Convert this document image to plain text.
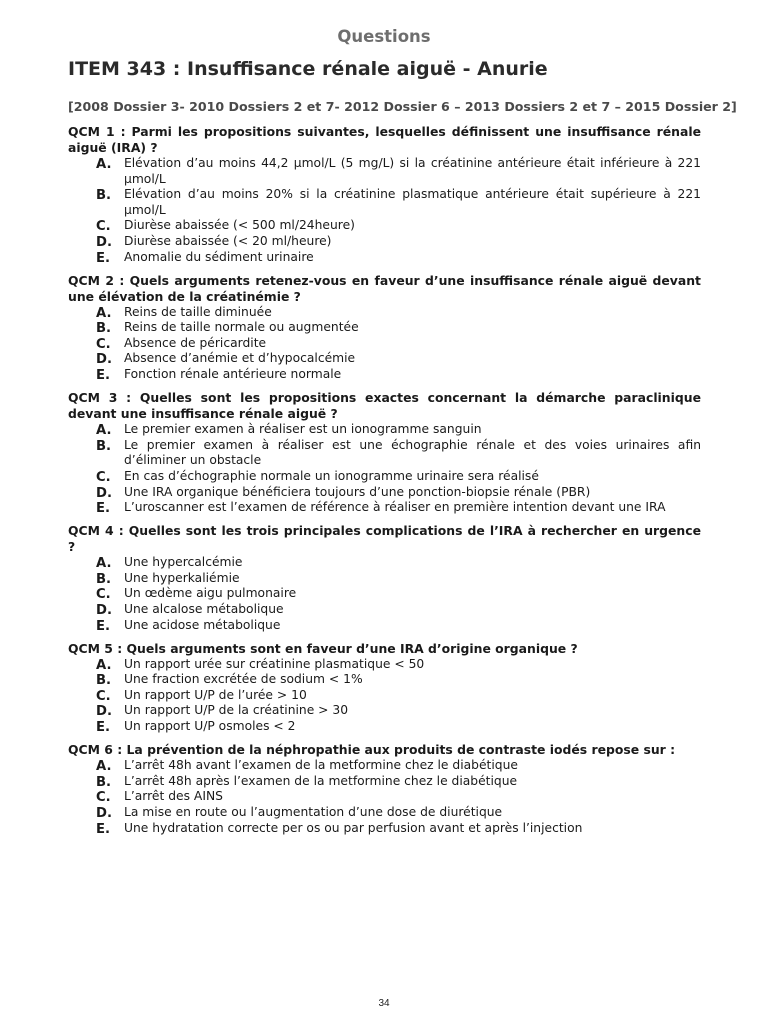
Questions
ITEM 343 : Insuffisance rénale aiguë - Anurie
[2008 Dossier 3- 2010 Dossiers 2 et 7- 2012 Dossier 6 – 2013 Dossiers 2 et 7 – 2015 Dossier 2]
QCM 1 : Parmi les propositions suivantes, lesquelles définissent une insuffisance rénale aiguë (IRA) ?
A. Elévation d’au moins 44,2 µmol/L (5 mg/L) si la créatinine antérieure était inférieure à 221 µmol/L
B. Elévation d’au moins 20% si la créatinine plasmatique antérieure était supérieure à 221 µmol/L
C. Diurèse abaissée (< 500 ml/24heure)
D. Diurèse abaissée (< 20 ml/heure)
E. Anomalie du sédiment urinaire
QCM 2 : Quels arguments retenez-vous en faveur d’une insuffisance rénale aiguë devant une élévation de la créatinémie ?
A. Reins de taille diminuée
B. Reins de taille normale ou augmentée
C. Absence de péricardite
D. Absence d’anémie et d’hypocalcémie
E. Fonction rénale antérieure normale
QCM 3 : Quelles sont les propositions exactes concernant la démarche paraclinique devant une insuffisance rénale aiguë ?
A. Le premier examen à réaliser est un ionogramme sanguin
B. Le premier examen à réaliser est une échographie rénale et des voies urinaires afin d’éliminer un obstacle
C. En cas d’échographie normale un ionogramme urinaire sera réalisé
D. Une IRA organique bénéficiera toujours d’une ponction-biopsie rénale (PBR)
E. L’uroscanner est l’examen de référence à réaliser en première intention devant une IRA
QCM 4 : Quelles sont les trois principales complications de l’IRA à rechercher en urgence ?
A. Une hypercalcémie
B. Une hyperkaliémie
C. Un œdème aigu pulmonaire
D. Une alcalose métabolique
E. Une acidose métabolique
QCM 5 : Quels arguments sont en faveur d’une IRA d’origine organique ?
A. Un rapport urée sur créatinine plasmatique < 50
B. Une fraction excrétée de sodium < 1%
C. Un rapport U/P de l’urée > 10
D. Un rapport U/P de la créatinine > 30
E. Un rapport U/P osmoles < 2
QCM 6 : La prévention de la néphropathie aux produits de contraste iodés repose sur :
A. L’arrêt 48h avant l’examen de la metformine chez le diabétique
B. L’arrêt 48h après l’examen de la metformine chez le diabétique
C. L’arrêt des AINS
D. La mise en route ou l’augmentation d’une dose de diurétique
E. Une hydratation correcte per os ou par perfusion avant et après l’injection
34
